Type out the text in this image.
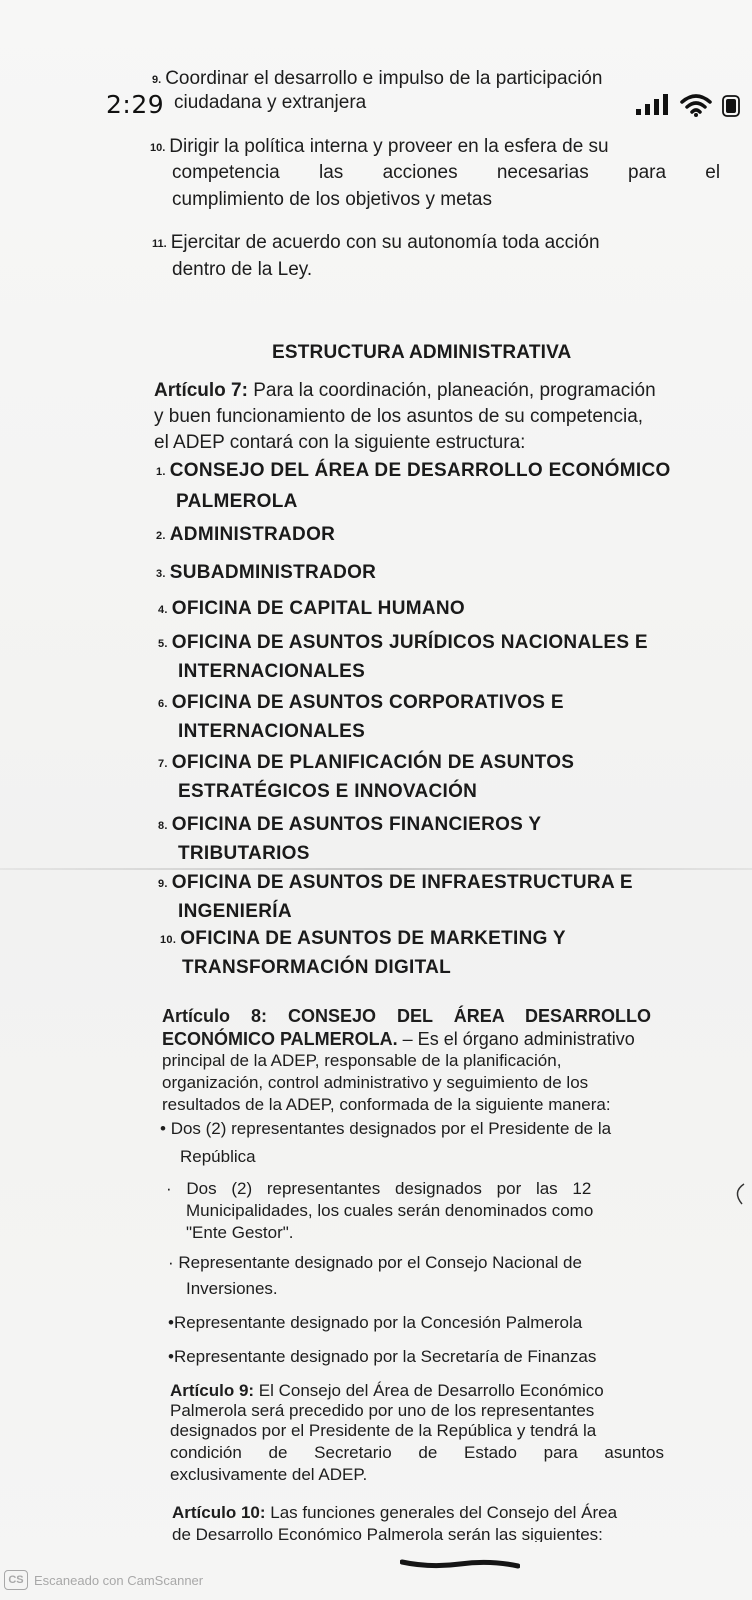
2:29
9. Coordinar el desarrollo e impulso de la participación
ciudadana y extranjera
10. Dirigir la política interna y proveer en la esfera de su
competencia las acciones necesarias para el
cumplimiento de los objetivos y metas
11. Ejercitar de acuerdo con su autonomía toda acción
dentro de la Ley.
ESTRUCTURA ADMINISTRATIVA
Artículo 7: Para la coordinación, planeación, programación
y buen funcionamiento de los asuntos de su competencia,
el ADEP contará con la siguiente estructura:
1. CONSEJO DEL ÁREA DE DESARROLLO ECONÓMICO
PALMEROLA
2. ADMINISTRADOR
3. SUBADMINISTRADOR
4. OFICINA DE CAPITAL HUMANO
5. OFICINA DE ASUNTOS JURÍDICOS NACIONALES E
INTERNACIONALES
6. OFICINA DE ASUNTOS CORPORATIVOS E
INTERNACIONALES
7. OFICINA DE PLANIFICACIÓN DE ASUNTOS
ESTRATÉGICOS E INNOVACIÓN
8. OFICINA DE ASUNTOS FINANCIEROS Y
TRIBUTARIOS
9. OFICINA DE ASUNTOS DE INFRAESTRUCTURA E
INGENIERÍA
10. OFICINA DE ASUNTOS DE MARKETING Y
TRANSFORMACIÓN DIGITAL
Artículo 8: CONSEJO DEL ÁREA DESARROLLO
ECONÓMICO PALMEROLA. – Es el órgano administrativo
principal de la ADEP, responsable de la planificación,
organización, control administrativo y seguimiento de los
resultados de la ADEP, conformada de la siguiente manera:
• Dos (2) representantes designados por el Presidente de la
República
· Dos (2) representantes designados por las 12
Municipalidades, los cuales serán denominados como
"Ente Gestor".
· Representante designado por el Consejo Nacional de
Inversiones.
•Representante designado por la Concesión Palmerola
•Representante designado por la Secretaría de Finanzas
Artículo 9: El Consejo del Área de Desarrollo Económico
Palmerola será precedido por uno de los representantes
designados por el Presidente de la República y tendrá la
condición de Secretario de Estado para asuntos
exclusivamente del ADEP.
Artículo 10: Las funciones generales del Consejo del Área
de Desarrollo Económico Palmerola serán las siguientes:
CS Escaneado con CamScanner
